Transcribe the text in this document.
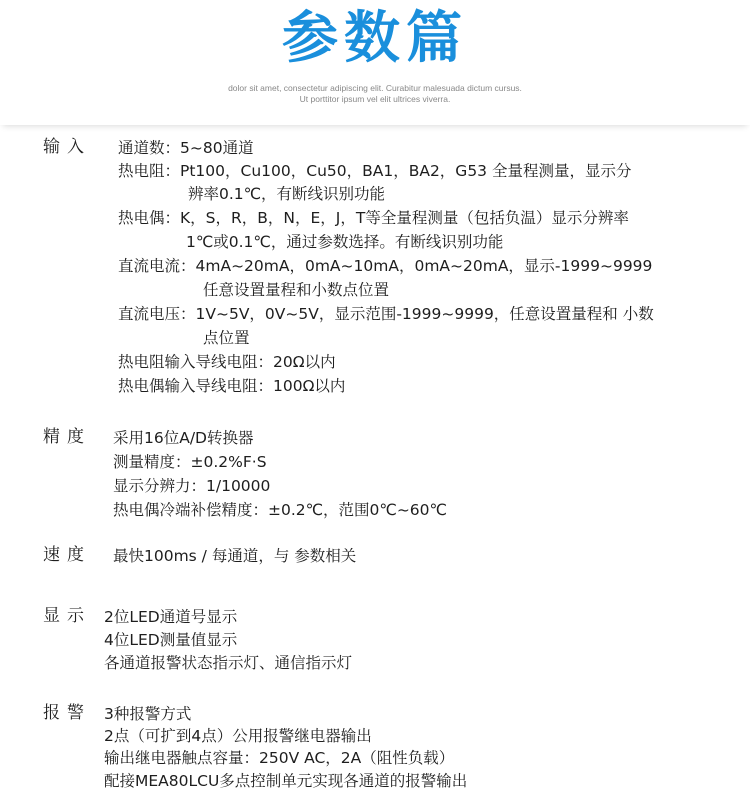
参数篇
dolor sit amet, consectetur adipiscing elit. Curabitur malesuada dictum cursus.
Ut porttitor ipsum vel elit ultrices viverra.
输入 通道数：5~80通道
热电阻：Pt100，Cu100，Cu50，BA1，BA2，G53 全量程测量，显示分
辨率0.1℃，有断线识别功能
热电偶：K，S，R，B，N，E，J，T等全量程测量（包括负温）显示分辨率
1℃或0.1℃，通过参数选择。有断线识别功能
直流电流：4mA~20mA，0mA~10mA，0mA~20mA，显示-1999~9999
任意设置量程和小数点位置
直流电压：1V~5V，0V~5V，显示范围-1999~9999，任意设置量程和 小数
点位置
热电阻输入导线电阻：20Ω以内
热电偶输入导线电阻：100Ω以内
精度 采用16位A/D转换器
测量精度：±0.2%F·S
显示分辨力：1/10000
热电偶冷端补偿精度：±0.2℃，范围0℃~60℃
速度 最快100ms / 每通道，与 参数相关
显示 2位LED通道号显示
4位LED测量值显示
各通道报警状态指示灯、通信指示灯
报警 3种报警方式
2点（可扩到4点）公用报警继电器输出
输出继电器触点容量：250V AC，2A（阻性负载）
配接MEA80LCU多点控制单元实现各通道的报警输出
